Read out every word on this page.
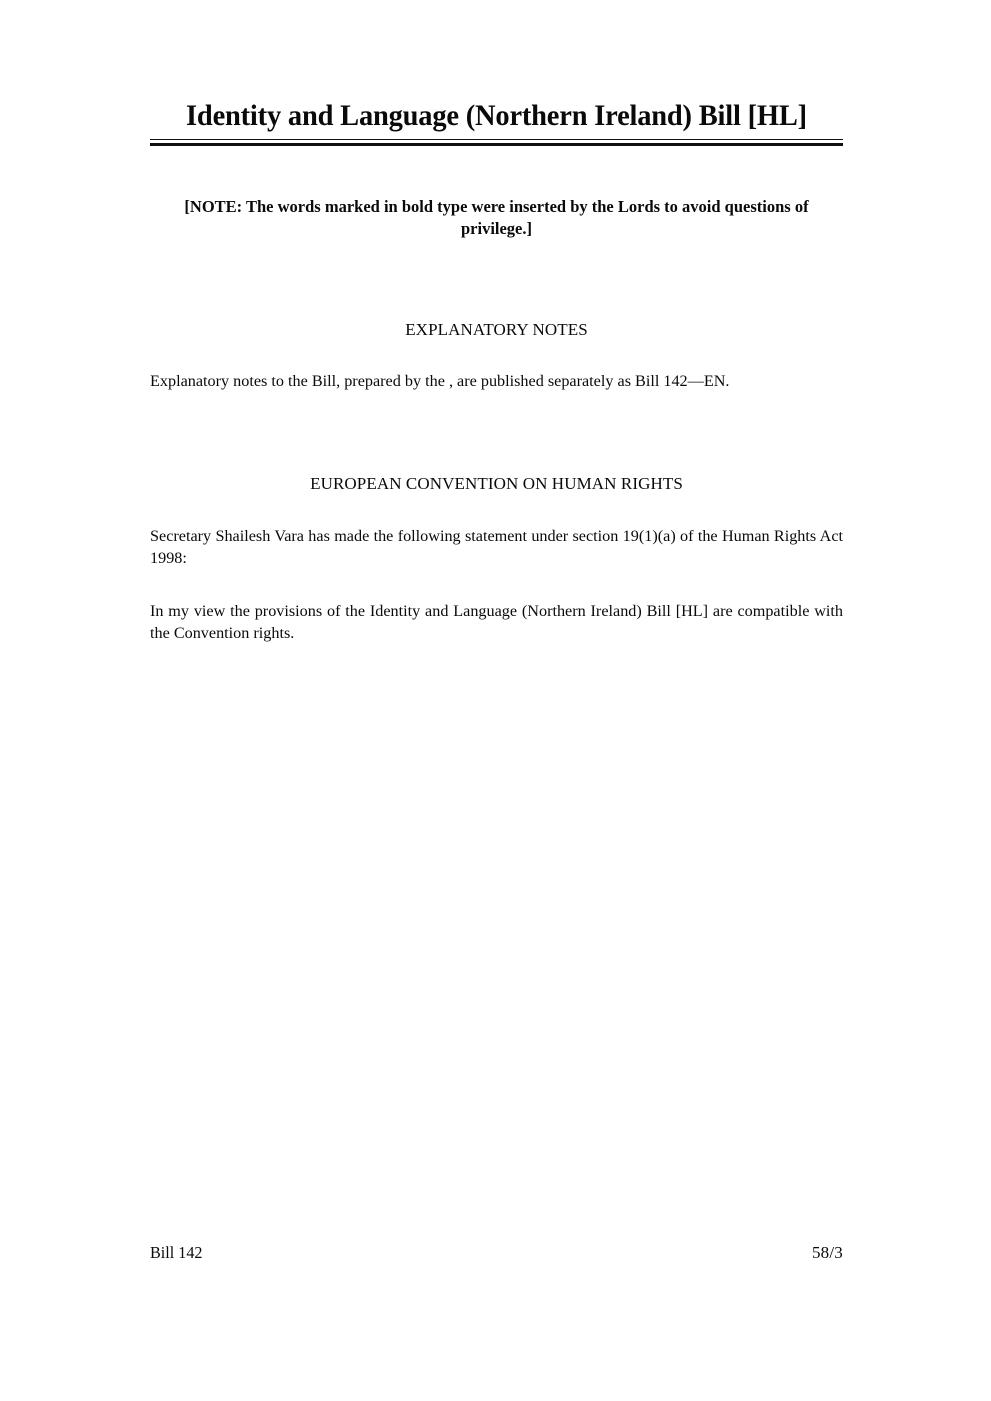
Identity and Language (Northern Ireland) Bill [HL]
[NOTE: The words marked in bold type were inserted by the Lords to avoid questions of privilege.]
EXPLANATORY NOTES

Explanatory notes to the Bill, prepared by the , are published separately as Bill 142—EN.

EUROPEAN CONVENTION ON HUMAN RIGHTS

Secretary Shailesh Vara has made the following statement under section 19(1)(a) of the Human Rights Act 1998:

In my view the provisions of the Identity and Language (Northern Ireland) Bill [HL] are compatible with the Convention rights.

Bill 142	58/3
